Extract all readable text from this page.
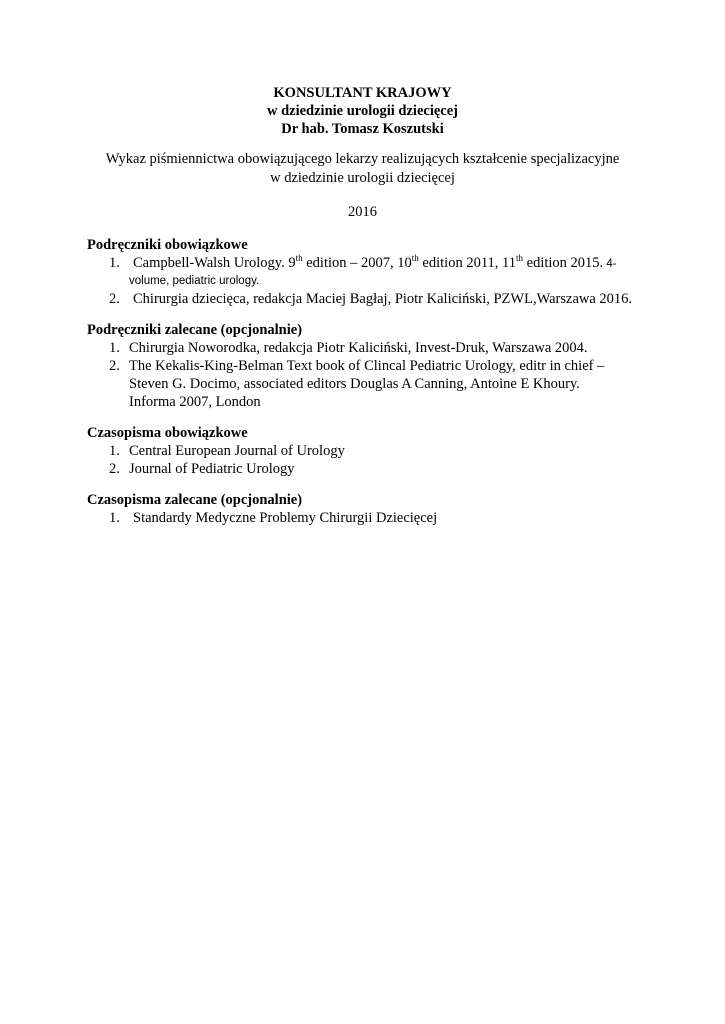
KONSULTANT KRAJOWY
w dziedzinie urologii dziecięcej
Dr hab. Tomasz Koszutski
Wykaz piśmiennictwa obowiązującego lekarzy realizujących kształcenie specjalizacyjne
w dziedzinie urologii dziecięcej
2016
Podręczniki obowiązkowe
1. Campbell-Walsh Urology. 9th edition – 2007, 10th edition 2011, 11th edition 2015. 4-
volume, pediatric urology.
2. Chirurgia dziecięca, redakcja Maciej Bagłaj, Piotr Kaliciński, PZWL,Warszawa 2016.
Podręczniki zalecane (opcjonalnie)
1. Chirurgia Noworodka, redakcja Piotr Kaliciński, Invest-Druk, Warszawa 2004.
2. The Kekalis-King-Belman Text book of Clincal Pediatric Urology, editr in chief –
Steven G. Docimo, associated editors Douglas A Canning, Antoine E Khoury.
Informa 2007, London
Czasopisma obowiązkowe
1. Central European Journal of Urology
2. Journal of Pediatric Urology
Czasopisma zalecane (opcjonalnie)
1. Standardy Medyczne Problemy Chirurgii Dziecięcej
